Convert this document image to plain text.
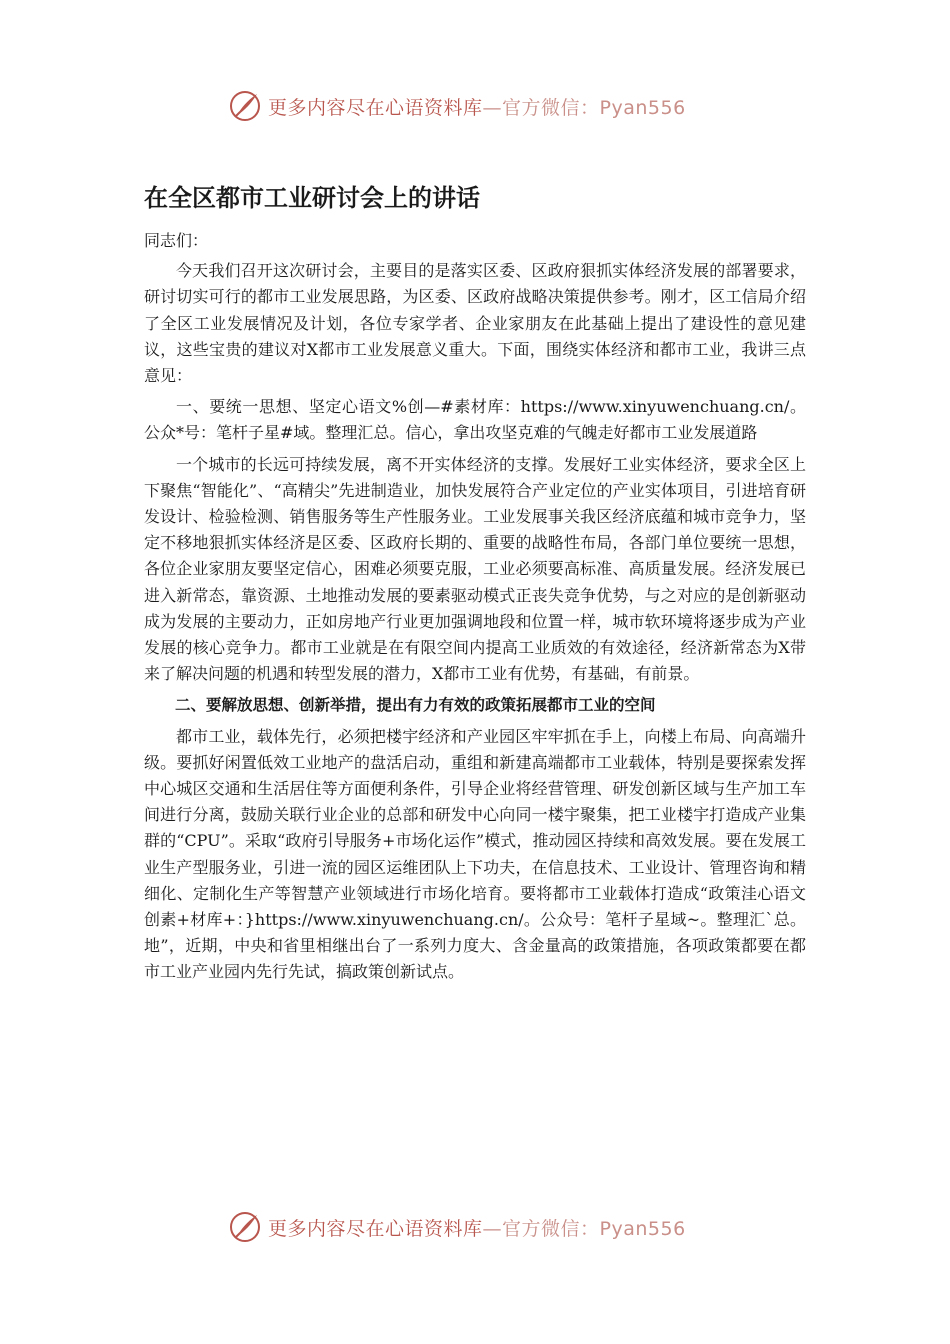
更多内容尽在心语资料库—官方微信：Pyan556
在全区都市工业研讨会上的讲话

同志们：

今天我们召开这次研讨会，主要目的是落实区委、区政府狠抓实体经济发展的部署要求，研讨切实可行的都市工业发展思路，为区委、区政府战略决策提供参考。刚才，区工信局介绍了全区工业发展情况及计划，各位专家学者、企业家朋友在此基础上提出了建设性的意见建议，这些宝贵的建议对X都市工业发展意义重大。下面，围绕实体经济和都市工业，我讲三点意见：

一、要统一思想、坚定心语文%创—#素材库：https://www.xinyuwenchuang.cn/。公众*号：笔杆子星#域。整理汇总。信心，拿出攻坚克难的气魄走好都市工业发展道路

一个城市的长远可持续发展，离不开实体经济的支撑。发展好工业实体经济，要求全区上下聚焦“智能化”、“高精尖”先进制造业，加快发展符合产业定位的产业实体项目，引进培育研发设计、检验检测、销售服务等生产性服务业。工业发展事关我区经济底蕴和城市竞争力，坚定不移地狠抓实体经济是区委、区政府长期的、重要的战略性布局，各部门单位要统一思想，各位企业家朋友要坚定信心，困难必须要克服，工业必须要高标准、高质量发展。经济发展已进入新常态，靠资源、土地推动发展的要素驱动模式正丧失竞争优势，与之对应的是创新驱动成为发展的主要动力，正如房地产行业更加强调地段和位置一样，城市软环境将逐步成为产业发展的核心竞争力。都市工业就是在有限空间内提高工业质效的有效途径，经济新常态为X带来了解决问题的机遇和转型发展的潜力，X都市工业有优势，有基础，有前景。

二、要解放思想、创新举措，提出有力有效的政策拓展都市工业的空间

都市工业，载体先行，必须把楼宇经济和产业园区牢牢抓在手上，向楼上布局、向高端升级。要抓好闲置低效工业地产的盘活启动，重组和新建高端都市工业载体，特别是要探索发挥中心城区交通和生活居住等方面便利条件，引导企业将经营管理、研发创新区域与生产加工车间进行分离，鼓励关联行业企业的总部和研发中心向同一楼宇聚集，把工业楼宇打造成产业集群的“CPU”。采取“政府引导服务+市场化运作”模式，推动园区持续和高效发展。要在发展工业生产型服务业，引进一流的园区运维团队上下功夫，在信息技术、工业设计、管理咨询和精细化、定制化生产等智慧产业领域进行市场化培育。要将都市工业载体打造成“政策洼心语文创素+材库+：}https://www.xinyuwenchuang.cn/。公众号：笔杆子星域~。整理汇`总。地”，近期，中央和省里相继出台了一系列力度大、含金量高的政策措施，各项政策都要在都市工业产业园内先行先试，搞政策创新试点。

更多内容尽在心语资料库—官方微信：Pyan556
